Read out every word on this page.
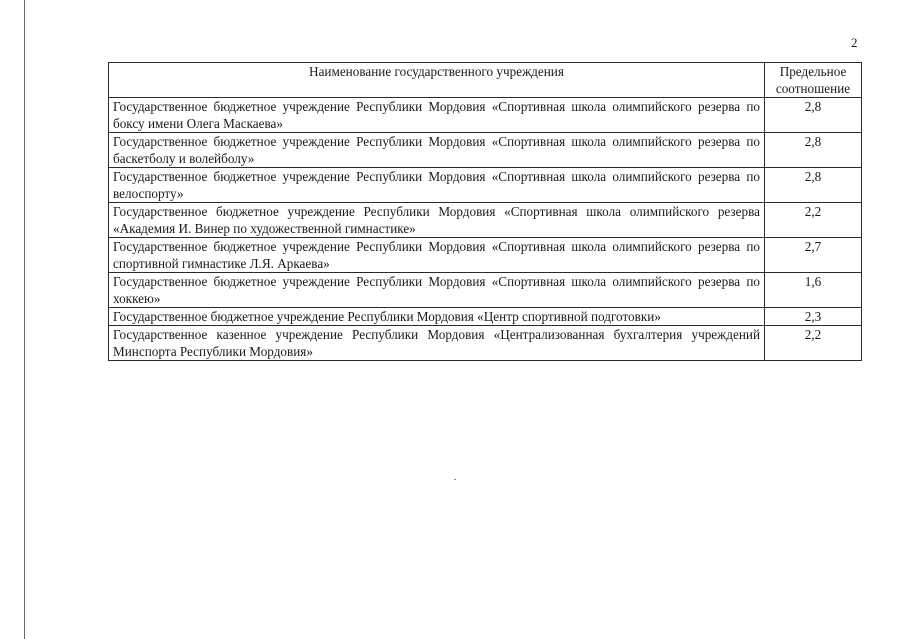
2
Наименование государственного учреждения	Предельное соотношение
Государственное бюджетное учреждение Республики Мордовия «Спортивная школа олимпийского резерва по боксу имени Олега Маскаева»	2,8
Государственное бюджетное учреждение Республики Мордовия «Спортивная школа олимпийского резерва по баскетболу и волейболу»	2,8
Государственное бюджетное учреждение Республики Мордовия «Спортивная школа олимпийского резерва по велоспорту»	2,8
Государственное бюджетное учреждение Республики Мордовия «Спортивная школа олимпийского резерва «Академия И. Винер по художественной гимнастике»	2,2
Государственное бюджетное учреждение Республики Мордовия «Спортивная школа олимпийского резерва по спортивной гимнастике Л.Я. Аркаева»	2,7
Государственное бюджетное учреждение Республики Мордовия «Спортивная школа олимпийского резерва по хоккею»	1,6
Государственное бюджетное учреждение Республики Мордовия «Центр спортивной подготовки»	2,3
Государственное казенное учреждение Республики Мордовия «Централизованная бухгалтерия учреждений Минспорта Республики Мордовия»	2,2
